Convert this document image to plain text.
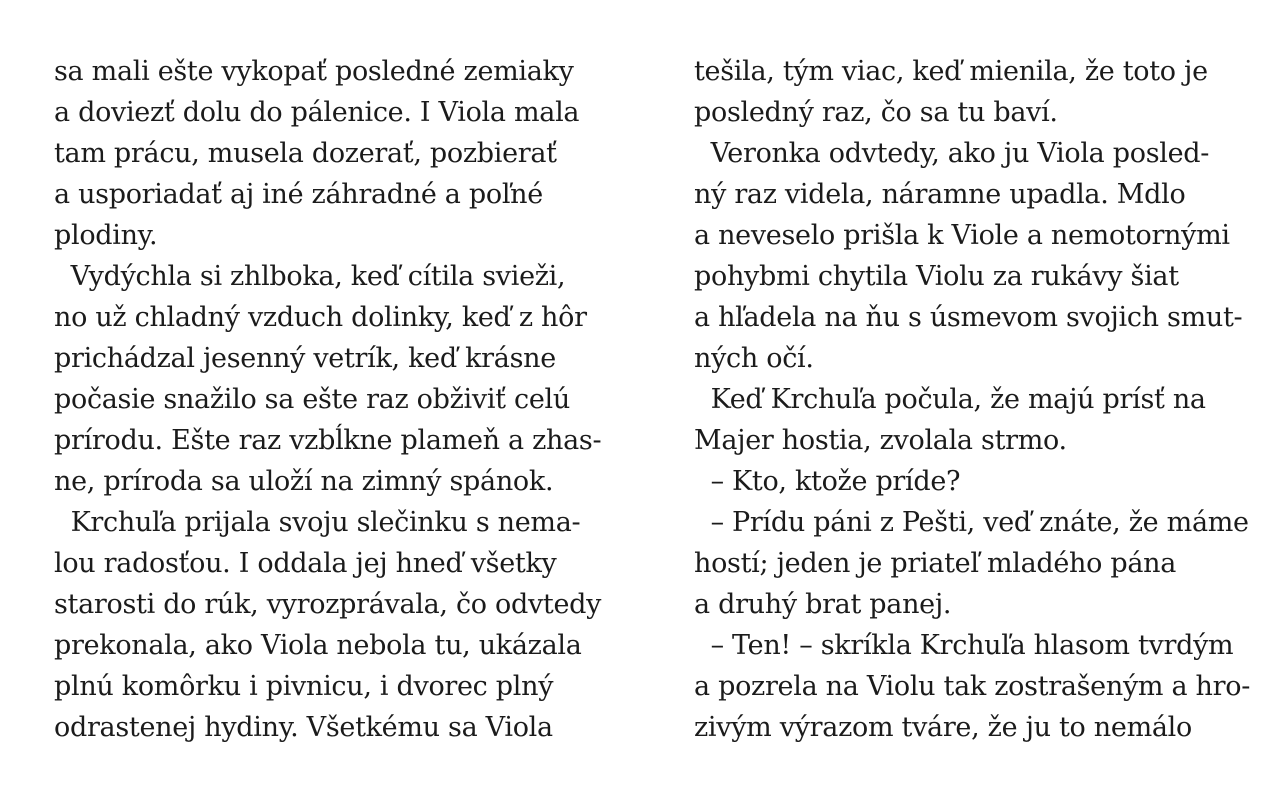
sa mali ešte vykopať posledné zemiaky
a doviezť dolu do pálenice. I Viola mala
tam prácu, musela dozerať, pozbierať
a usporiadať aj iné záhradné a poľné
plodiny.
Vydýchla si zhlboka, keď cítila svieži,
no už chladný vzduch dolinky, keď z hôr
prichádzal jesenný vetrík, keď krásne
počasie snažilo sa ešte raz obživiť celú
prírodu. Ešte raz vzbĺkne plameň a zhas-
ne, príroda sa uloží na zimný spánok.
Krchuľa prijala svoju slečinku s nema-
lou radosťou. I oddala jej hneď všetky
starosti do rúk, vyrozprávala, čo odvtedy
prekonala, ako Viola nebola tu, ukázala
plnú komôrku i pivnicu, i dvorec plný
odrastenej hydiny. Všetkému sa Viola
tešila, tým viac, keď mienila, že toto je
posledný raz, čo sa tu baví.
Veronka odvtedy, ako ju Viola posled-
ný raz videla, náramne upadla. Mdlo
a neveselo prišla k Viole a nemotornými
pohybmi chytila Violu za rukávy šiat
a hľadela na ňu s úsmevom svojich smut-
ných očí.
Keď Krchuľa počula, že majú prísť na
Majer hostia, zvolala strmo.
– Kto, ktože príde?
– Prídu páni z Pešti, veď znáte, že máme
hostí; jeden je priateľ mladého pána
a druhý brat panej.
– Ten! – skríkla Krchuľa hlasom tvrdým
a pozrela na Violu tak zostrašeným a hro-
zivým výrazom tváre, že ju to nemálo
